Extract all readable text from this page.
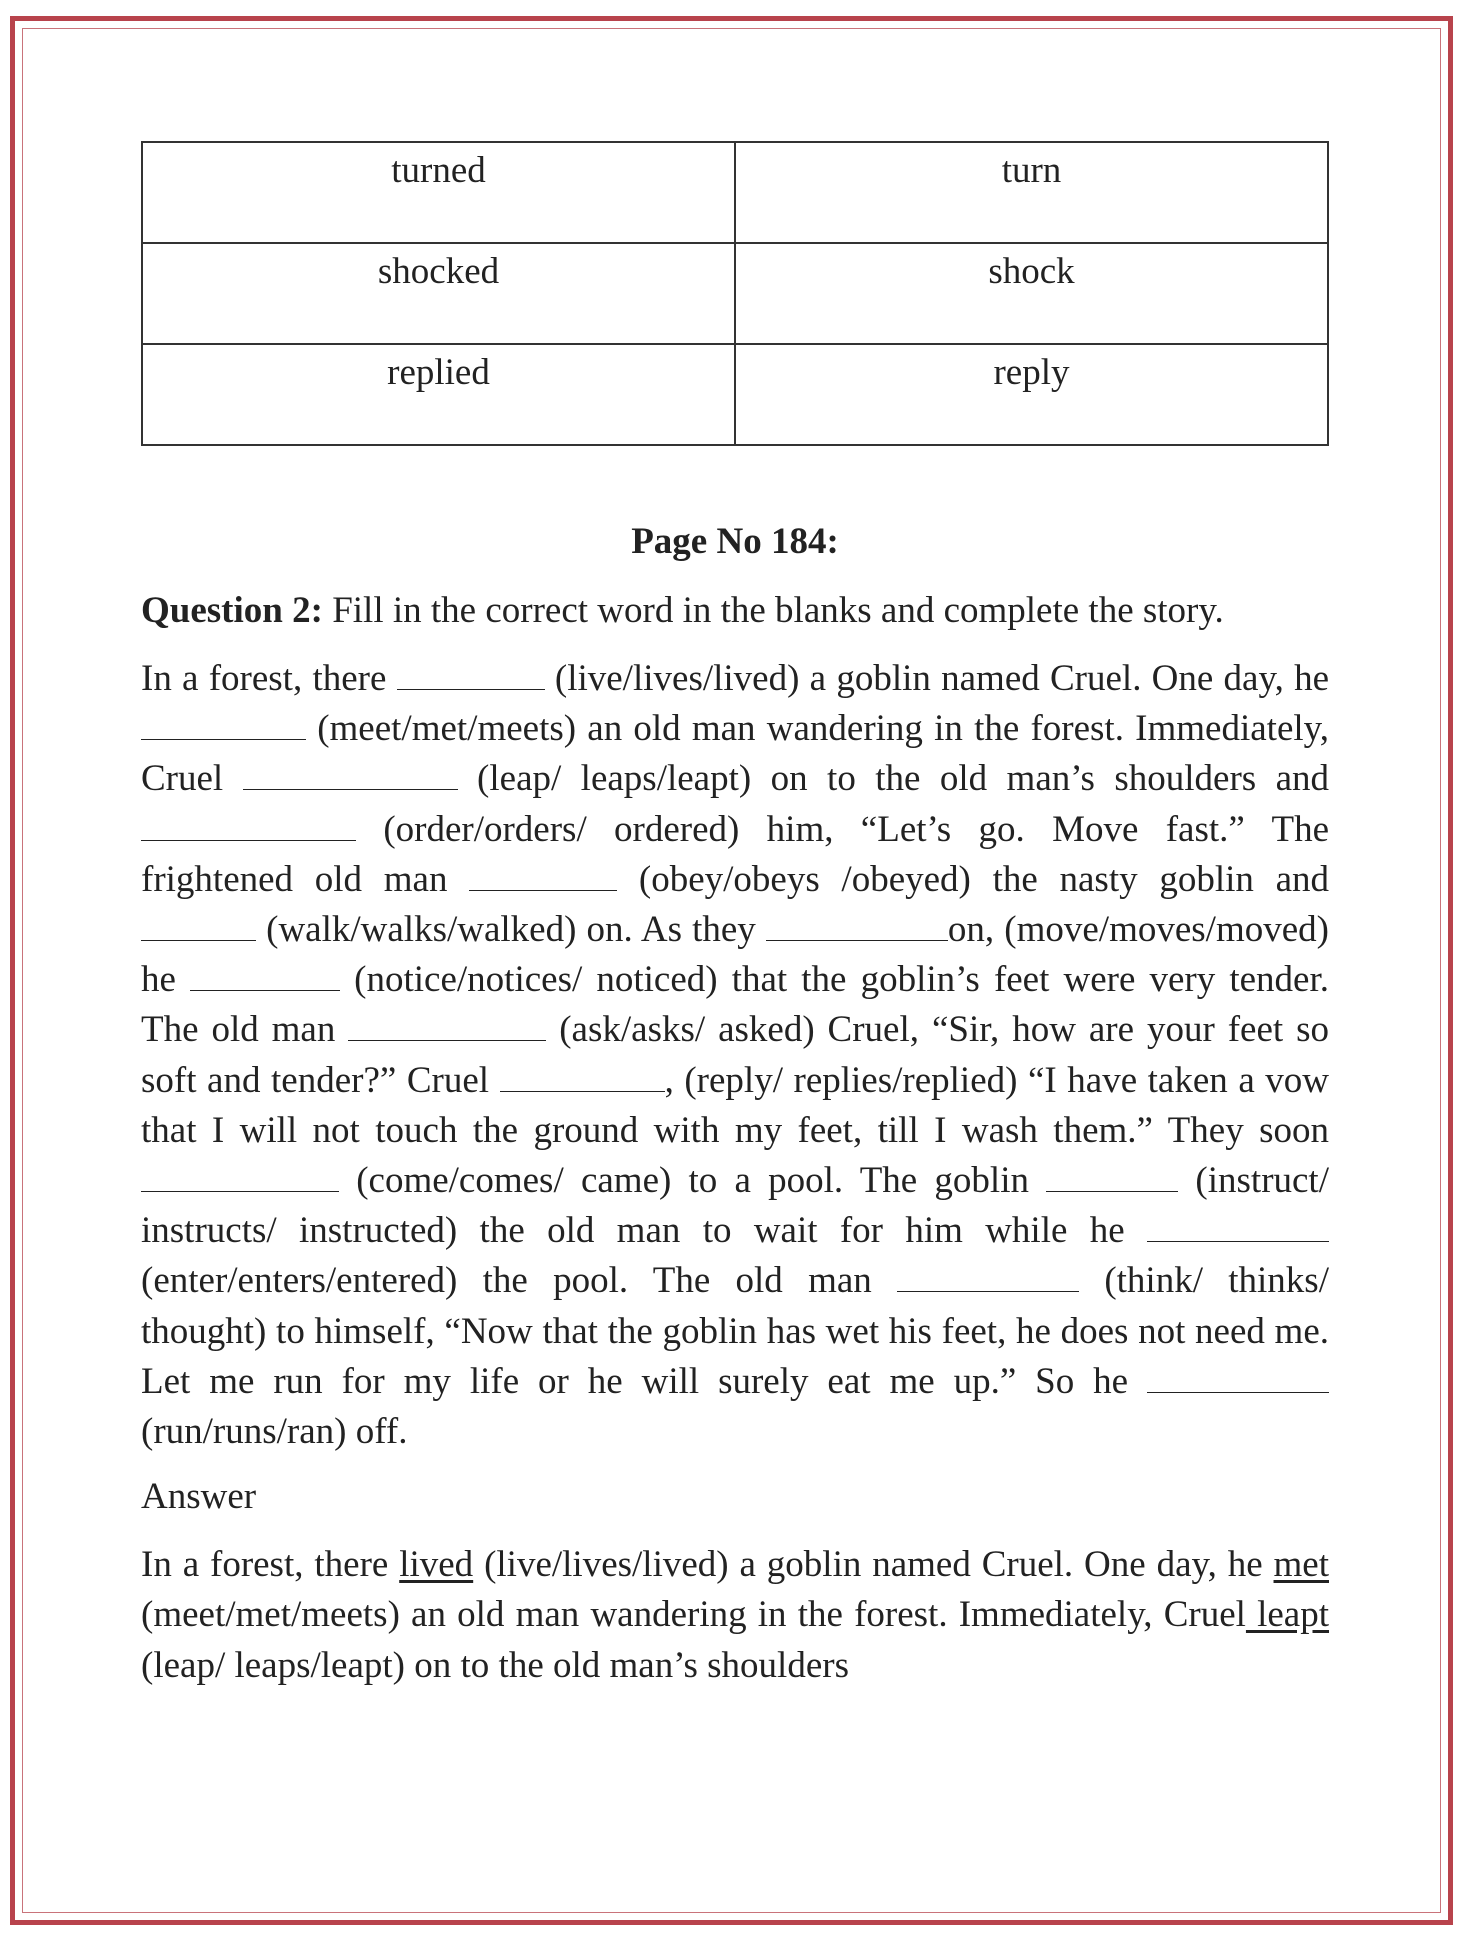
turned	turn
shocked	shock
replied	reply
Page No 184:
Question 2: Fill in the correct word in the blanks and complete the story.
In a forest, there	(live/lives/lived) a goblin named Cruel. One day, he  (meet/met/meets) an old man wandering in the forest. Immediately, Cruel	(leap/ leaps/leapt) on to the old man’s shoulders and  (order/orders/ ordered) him, “Let’s go. Move fast.” The frightened old man	(obey/obeys /obeyed) the nasty goblin and  (walk/walks/walked) on. As they	on, (move/moves/moved) he	(notice/notices/ noticed) that the goblin’s feet were very tender. The old man	(ask/asks/ asked) Cruel, “Sir, how are your feet so soft and tender?” Cruel	, (reply/ replies/replied) “I have taken a vow that I will not touch the ground with my feet, till I wash them.” They soon  (come/comes/ came) to a pool. The goblin	(instruct/ instructs/ instructed) the old man to wait for him while he  (enter/enters/entered) the pool. The old man	(think/ thinks/ thought) to himself, “Now that the goblin has wet his feet, he does not need me. Let me run for my life or he will surely eat me up.” So he  (run/runs/ran) off.
Answer
In a forest, there lived (live/lives/lived) a goblin named Cruel. One day, he met (meet/met/meets) an old man wandering in the forest. Immediately, Cruel leapt (leap/ leaps/leapt) on to the old man’s shoulders
